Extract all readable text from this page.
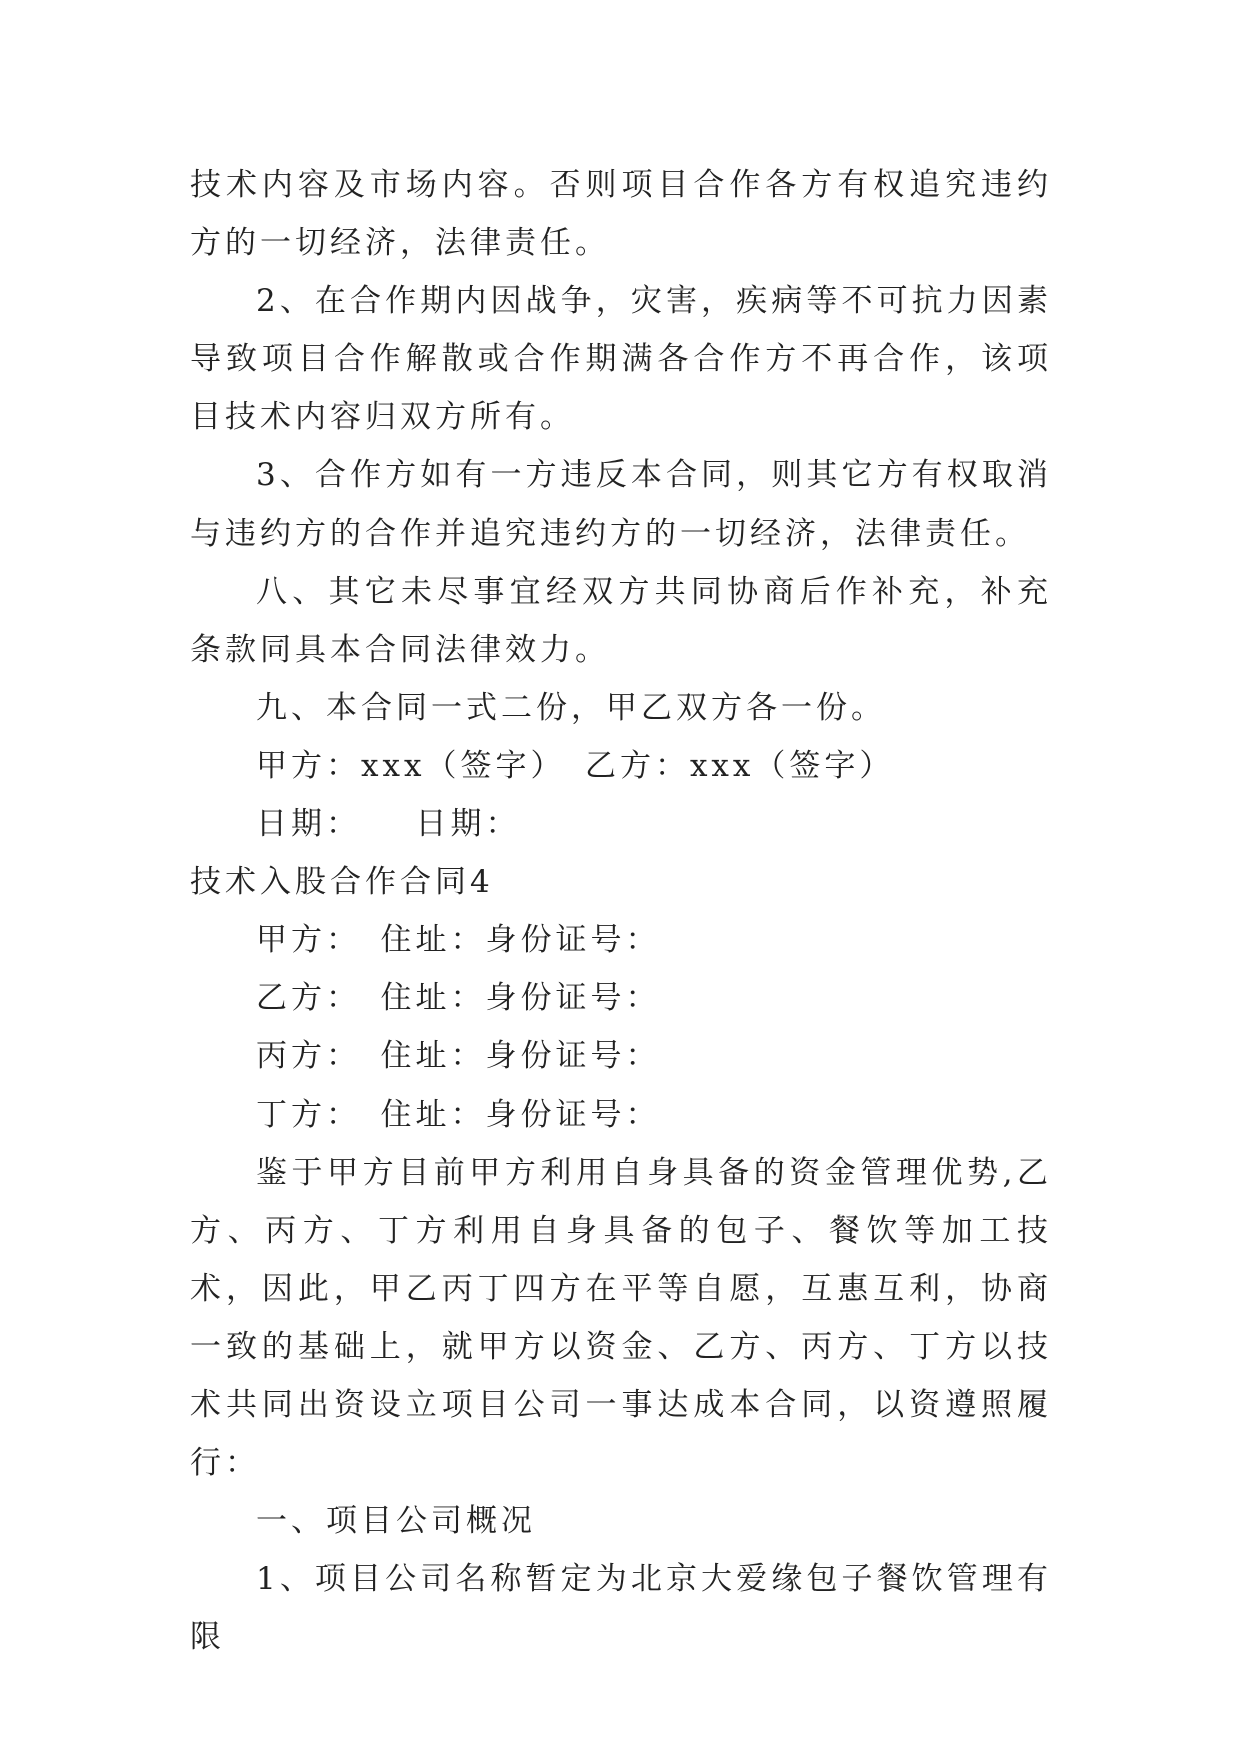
技术内容及市场内容。否则项目合作各方有权追究违约方的一切经济，法律责任。

2、在合作期内因战争，灾害，疾病等不可抗力因素导致项目合作解散或合作期满各合作方不再合作，该项目技术内容归双方所有。

3、合作方如有一方违反本合同，则其它方有权取消与违约方的合作并追究违约方的一切经济，法律责任。

八、其它未尽事宜经双方共同协商后作补充，补充条款同具本合同法律效力。

九、本合同一式二份，甲乙双方各一份。

甲方：xxx（签字）　乙方：xxx（签字）

日期：　　日期：

技术入股合作合同4

甲方：　住址：身份证号：

乙方：　住址：身份证号：

丙方：　住址：身份证号：

丁方：　住址：身份证号：

鉴于甲方目前甲方利用自身具备的资金管理优势,乙方、丙方、丁方利用自身具备的包子、餐饮等加工技术，因此，甲乙丙丁四方在平等自愿，互惠互利，协商一致的基础上，就甲方以资金、乙方、丙方、丁方以技术共同出资设立项目公司一事达成本合同，以资遵照履行：

一、项目公司概况

1、项目公司名称暂定为北京大爱缘包子餐饮管理有限
